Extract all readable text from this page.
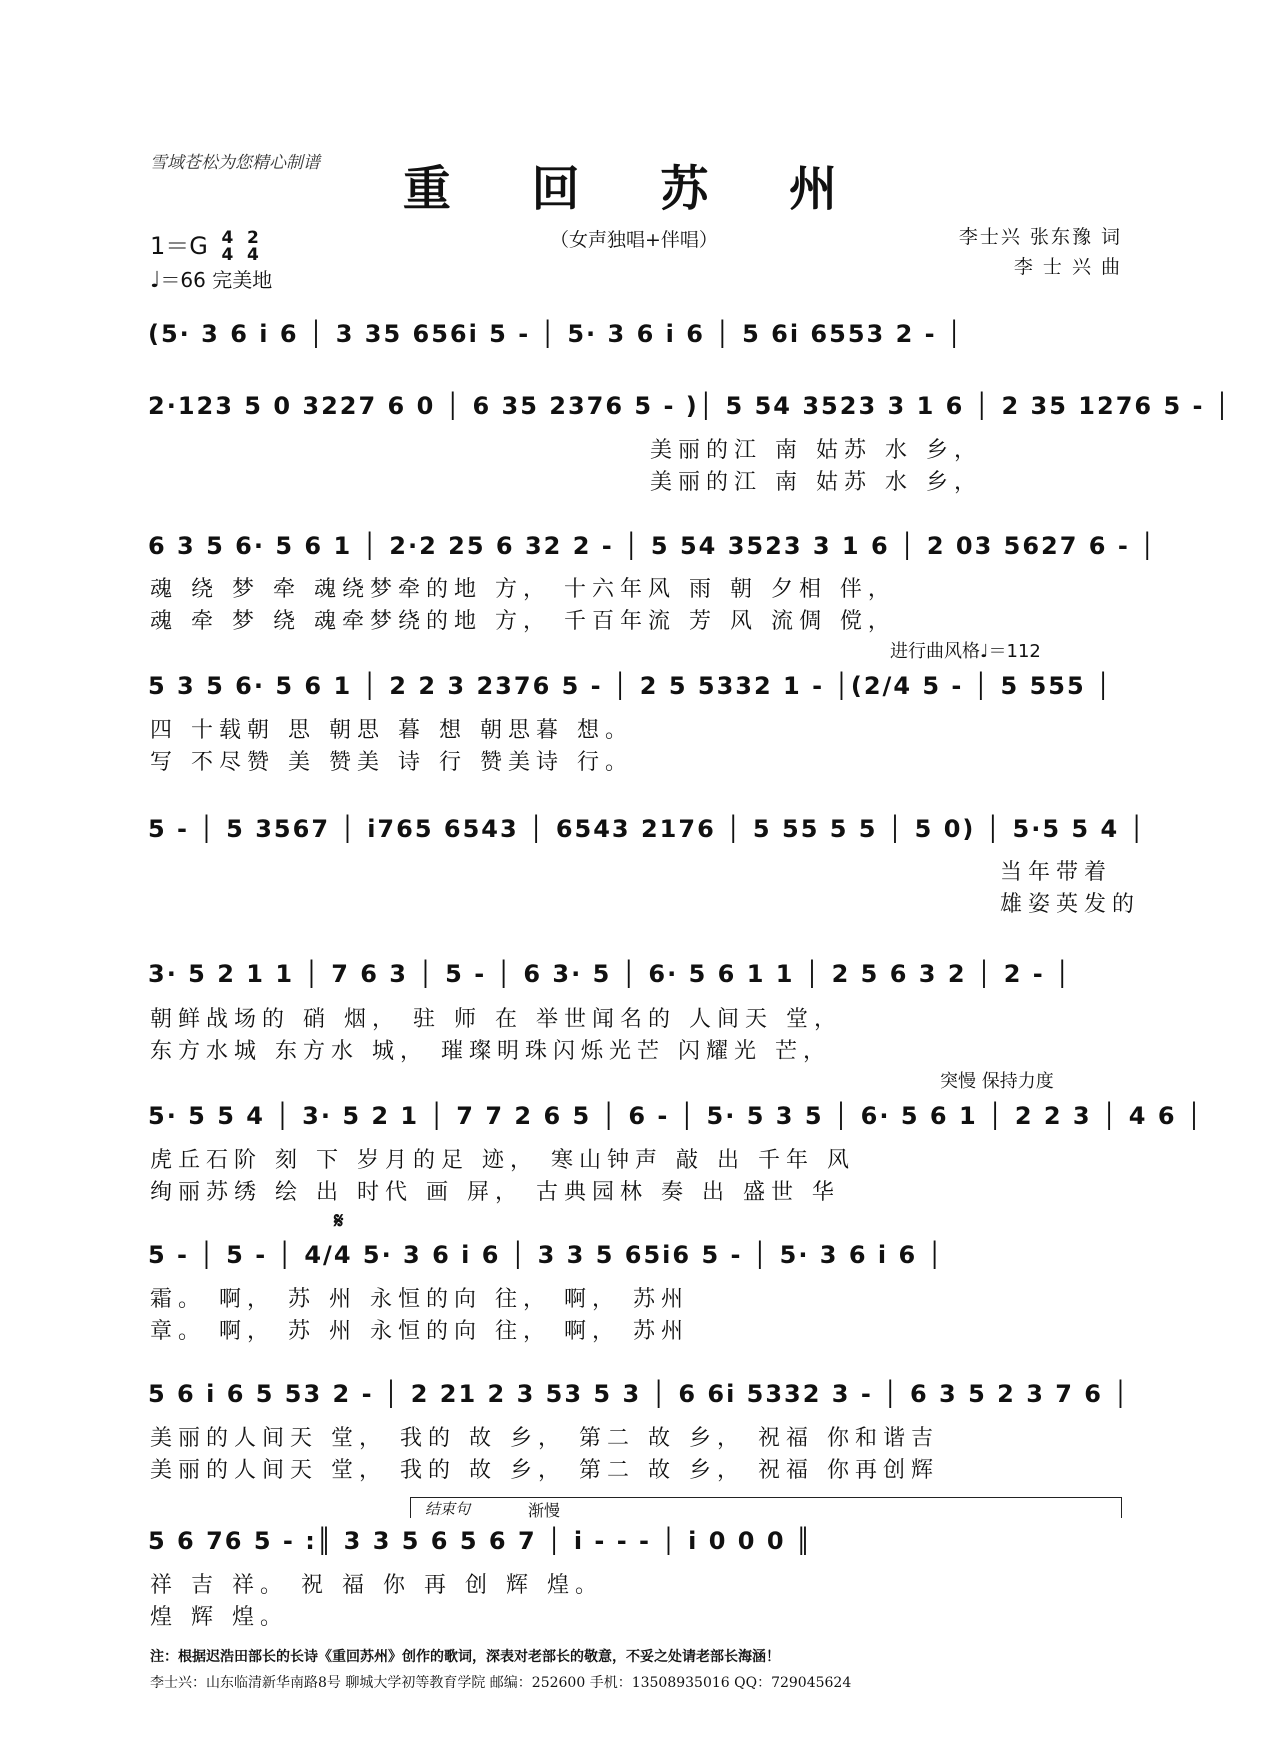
雪域苍松为您精心制谱	重 回 苏 州
（女声独唱+伴唱）
1＝G 4
4

2
4
♩＝66 完美地
李士兴 张东豫 词
李 士 兴 曲
(5· 3 6 i 6 │ 3 35 656i 5 - │ 5· 3 6 i 6 │ 5 6i 6553 2 - │
2·123 5 0 3227 6 0 │ 6 35 2376 5 - )│ 5 54 3523 3 1 6 │ 2 35 1276 5 - │
美丽的江 南 姑苏 水 乡，
美丽的江 南 姑苏 水 乡，
6 3 5 6· 5 6 1 │ 2·2 25 6 32 2 - │ 5 54 3523 3 1 6 │ 2 03 5627 6 - │
魂 绕 梦 牵 魂绕梦牵的地 方， 十六年风 雨 朝 夕相 伴，
魂 牵 梦 绕 魂牵梦绕的地 方， 千百年流 芳 风 流倜 傥，
进行曲风格♩＝112
5 3 5 6· 5 6 1 │ 2 2 3 2376 5 - │ 2 5 5332 1 - │(2/4 5 - │ 5 555 │
四 十载朝 思 朝思 暮 想 朝思暮 想。
写 不尽赞 美 赞美 诗 行 赞美诗 行。
5 - │ 5 3567 │ i765 6543 │ 6543 2176 │ 5 55 5 5 │ 5 0) │ 5·5 5 4 │
当年带着
雄姿英发的
3· 5 2 1 1 │ 7 6 3 │ 5 - │ 6 3· 5 │ 6· 5 6 1 1 │ 2 5 6 3 2 │ 2 - │
朝鲜战场的 硝 烟， 驻 师 在 举世闻名的 人间天 堂，
东方水城 东方水 城， 璀璨明珠闪烁光芒 闪耀光 芒，
突慢 保持力度
5· 5 5 4 │ 3· 5 2 1 │ 7 7 2 6 5 │ 6 - │ 5· 5 3 5 │ 6· 5 6 1 │ 2 2 3 │ 4 6 │
虎丘石阶 刻 下 岁月的足 迹， 寒山钟声 敲 出 千年 风
绚丽苏绣 绘 出 时代 画 屏， 古典园林 奏 出 盛世 华
𝄋
5 - │ 5 - │ 4/4 5· 3 6 i 6 │ 3 3 5 65i6 5 - │ 5· 3 6 i 6 │
霜。 啊， 苏 州 永恒的向 往， 啊， 苏州
章。 啊， 苏 州 永恒的向 往， 啊， 苏州
5 6 i 6 5 53 2 - │ 2 21 2 3 53 5 3 │ 6 6i 5332 3 - │ 6 3 5 2 3 7 6 │
美丽的人间天 堂， 我的 故 乡， 第二 故 乡， 祝福 你和谐吉
美丽的人间天 堂， 我的 故 乡， 第二 故 乡， 祝福 你再创辉
结束句	渐慢
5 6 76 5 - :║ 3 3 5 6 5 6 7 │ i - - - │ i 0 0 0 ║
祥 吉 祥。 祝 福 你 再 创 辉 煌。
煌 辉 煌。
注：根据迟浩田部长的长诗《重回苏州》创作的歌词，深表对老部长的敬意，不妥之处请老部长海涵！
李士兴：山东临清新华南路8号 聊城大学初等教育学院 邮编：252600 手机：13508935016 QQ：729045624
